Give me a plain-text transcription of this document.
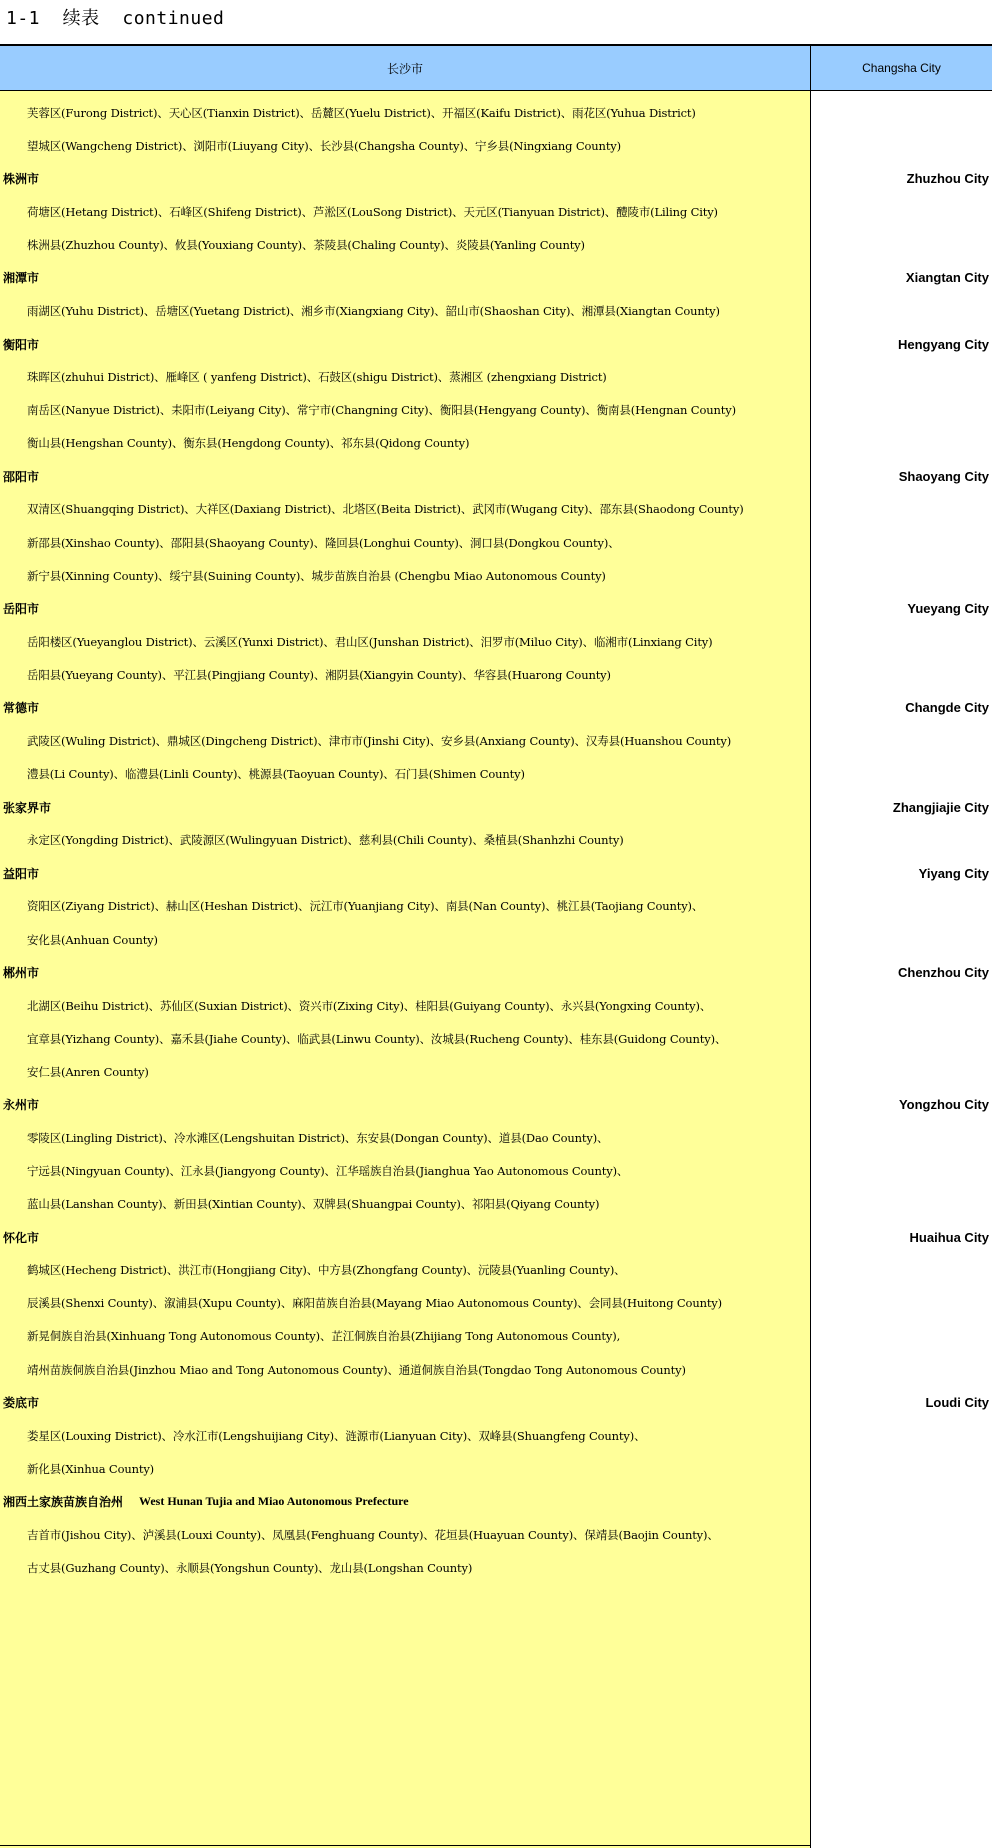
1-1  续表  continued
长沙市	Changsha City
芙蓉区(Furong District)、天心区(Tianxin District)、岳麓区(Yuelu District)、开福区(Kaifu District)、雨花区(Yuhua District)
望城区(Wangcheng District)、浏阳市(Liuyang City)、长沙县(Changsha County)、宁乡县(Ningxiang County)
株洲市	Zhuzhou City
荷塘区(Hetang District)、石峰区(Shifeng District)、芦淞区(LouSong District)、天元区(Tianyuan District)、醴陵市(Liling City)
株洲县(Zhuzhou County)、攸县(Youxiang County)、茶陵县(Chaling County)、炎陵县(Yanling County)
湘潭市	Xiangtan City
雨湖区(Yuhu District)、岳塘区(Yuetang District)、湘乡市(Xiangxiang City)、韶山市(Shaoshan City)、湘潭县(Xiangtan County)
衡阳市	Hengyang City
珠晖区(zhuhui District)、雁峰区 ( yanfeng District)、石鼓区(shigu District)、蒸湘区 (zhengxiang District)
南岳区(Nanyue District)、耒阳市(Leiyang City)、常宁市(Changning City)、衡阳县(Hengyang County)、衡南县(Hengnan County)
衡山县(Hengshan County)、衡东县(Hengdong County)、祁东县(Qidong County)
邵阳市	Shaoyang City
双清区(Shuangqing District)、大祥区(Daxiang District)、北塔区(Beita District)、武冈市(Wugang City)、邵东县(Shaodong County)
新邵县(Xinshao County)、邵阳县(Shaoyang County)、隆回县(Longhui County)、洞口县(Dongkou County)、
新宁县(Xinning County)、绥宁县(Suining County)、城步苗族自治县 (Chengbu Miao Autonomous County)
岳阳市	Yueyang City
岳阳楼区(Yueyanglou District)、云溪区(Yunxi District)、君山区(Junshan District)、汨罗市(Miluo City)、临湘市(Linxiang City)
岳阳县(Yueyang County)、平江县(Pingjiang County)、湘阴县(Xiangyin County)、华容县(Huarong County)
常德市	Changde City
武陵区(Wuling District)、鼎城区(Dingcheng District)、津市市(Jinshi City)、安乡县(Anxiang County)、汉寿县(Huanshou County)
澧县(Li County)、临澧县(Linli County)、桃源县(Taoyuan County)、石门县(Shimen County)
张家界市	Zhangjiajie City
永定区(Yongding District)、武陵源区(Wulingyuan District)、慈利县(Chili County)、桑植县(Shanhzhi County)
益阳市	Yiyang City
资阳区(Ziyang District)、赫山区(Heshan District)、沅江市(Yuanjiang City)、南县(Nan County)、桃江县(Taojiang County)、
安化县(Anhuan County)
郴州市	Chenzhou City
北湖区(Beihu District)、苏仙区(Suxian District)、资兴市(Zixing City)、桂阳县(Guiyang County)、永兴县(Yongxing County)、
宜章县(Yizhang County)、嘉禾县(Jiahe County)、临武县(Linwu County)、汝城县(Rucheng County)、桂东县(Guidong County)、
安仁县(Anren County)
永州市	Yongzhou City
零陵区(Lingling District)、冷水滩区(Lengshuitan District)、东安县(Dongan County)、道县(Dao County)、
宁远县(Ningyuan County)、江永县(Jiangyong County)、江华瑶族自治县(Jianghua Yao Autonomous County)、
蓝山县(Lanshan County)、新田县(Xintian County)、双牌县(Shuangpai County)、祁阳县(Qiyang County)
怀化市	Huaihua City
鹤城区(Hecheng District)、洪江市(Hongjiang City)、中方县(Zhongfang County)、沅陵县(Yuanling County)、
辰溪县(Shenxi County)、溆浦县(Xupu County)、麻阳苗族自治县(Mayang Miao Autonomous County)、会同县(Huitong County)
新晃侗族自治县(Xinhuang Tong Autonomous County)、芷江侗族自治县(Zhijiang Tong Autonomous County),
靖州苗族侗族自治县(Jinzhou Miao and Tong Autonomous County)、通道侗族自治县(Tongdao Tong Autonomous County)
娄底市	Loudi City
娄星区(Louxing District)、冷水江市(Lengshuijiang City)、涟源市(Lianyuan City)、双峰县(Shuangfeng County)、
新化县(Xinhua County)
湘西土家族苗族自治州 West Hunan Tujia and Miao Autonomous Prefecture
吉首市(Jishou City)、泸溪县(Louxi County)、凤凰县(Fenghuang County)、花垣县(Huayuan County)、保靖县(Baojin County)、
古丈县(Guzhang County)、永顺县(Yongshun County)、龙山县(Longshan County)
